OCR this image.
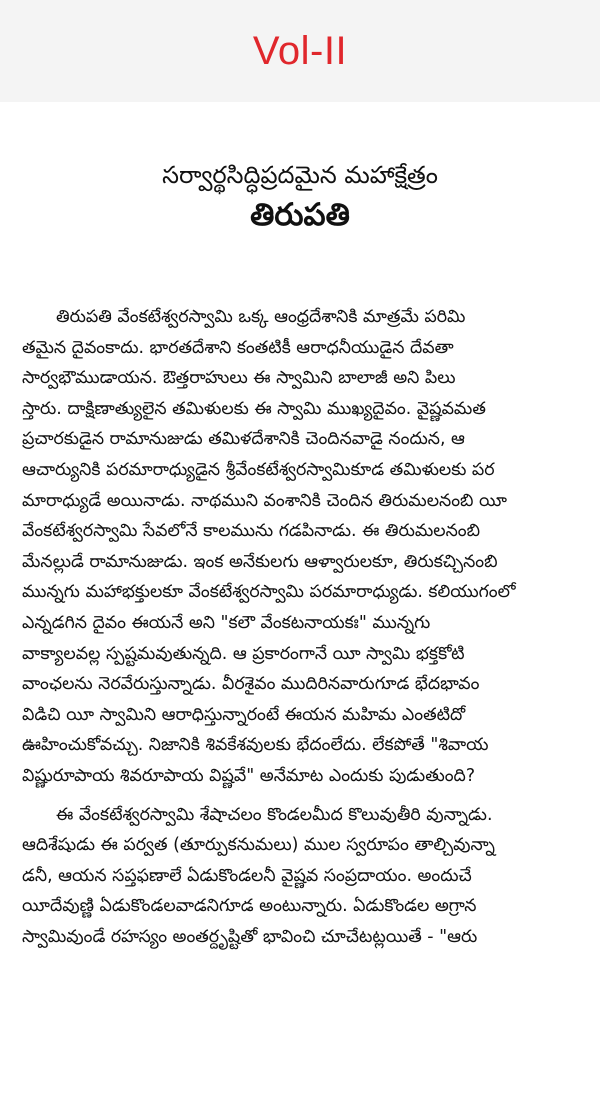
Vol-II
సర్వార్థసిద్ధిప్రదమైన మహాక్షేత్రం
తిరుపతి
తిరుపతి వేంకటేశ్వరస్వామి ఒక్క ఆంధ్రదేశానికి మాత్రమే పరిమి
తమైన దైవంకాదు. భారతదేశాని కంతటికీ ఆరాధనీయుడైన దేవతా
సార్వభౌముడాయన. ఔత్తరాహులు ఈ స్వామిని బాలాజీ అని పిలు
స్తారు. దాక్షిణాత్యులైన తమిళులకు ఈ స్వామి ముఖ్యదైవం. వైష్ణవమత
ప్రచారకుడైన రామానుజుడు తమిళదేశానికి చెందినవాడై నందున, ఆ
ఆచార్యునికి పరమారాధ్యుడైన శ్రీవేంకటేశ్వరస్వామికూడ తమిళులకు పర
మారాధ్యుడే అయినాడు. నాథముని వంశానికి చెందిన తిరుమలనంబి యీ
వేంకటేశ్వరస్వామి సేవలోనే కాలమును గడపినాడు. ఈ తిరుమలనంబి
మేనల్లుడే రామానుజుడు. ఇంక అనేకులగు ఆళ్వారులకూ, తిరుకచ్చినంబి
మున్నగు మహాభక్తులకూ వేంకటేశ్వరస్వామి పరమారాధ్యుడు. కలియుగంలో
ఎన్నడగిన దైవం ఈయనే అని "కలౌ వేంకటనాయకః" మున్నగు
వాక్యాలవల్ల స్పష్టమవుతున్నది. ఆ ప్రకారంగానే యీ స్వామి భక్తకోటి
వాంఛలను నెరవేరుస్తున్నాడు. వీరశైవం ముదిరినవారుగూడ భేదభావం
విడిచి యీ స్వామిని ఆరాధిస్తున్నారంటే ఈయన మహిమ ఎంతటిదో
ఊహించుకోవచ్చు. నిజానికి శివకేశవులకు భేదంలేదు. లేకపోతే "శివాయ
విష్ణురూపాయ శివరూపాయ విష్ణవే" అనేమాట ఎందుకు పుడుతుంది?
ఈ వేంకటేశ్వరస్వామి శేషాచలం కొండలమీద కొలువుతీరి వున్నాడు.
ఆదిశేషుడు ఈ పర్వత (తూర్పుకనుమలు) ముల స్వరూపం తాల్చివున్నా
డనీ, ఆయన సప్తఫణాలే ఏడుకొండలనీ వైష్ణవ సంప్రదాయం. అందుచే
యీదేవుణ్ణి ఏడుకొండలవాడనిగూడ అంటున్నారు. ఏడుకొండల అగ్రాన
స్వామివుండే రహస్యం అంతర్దృష్టితో భావించి చూచేటట్లయితే - "ఆరు
